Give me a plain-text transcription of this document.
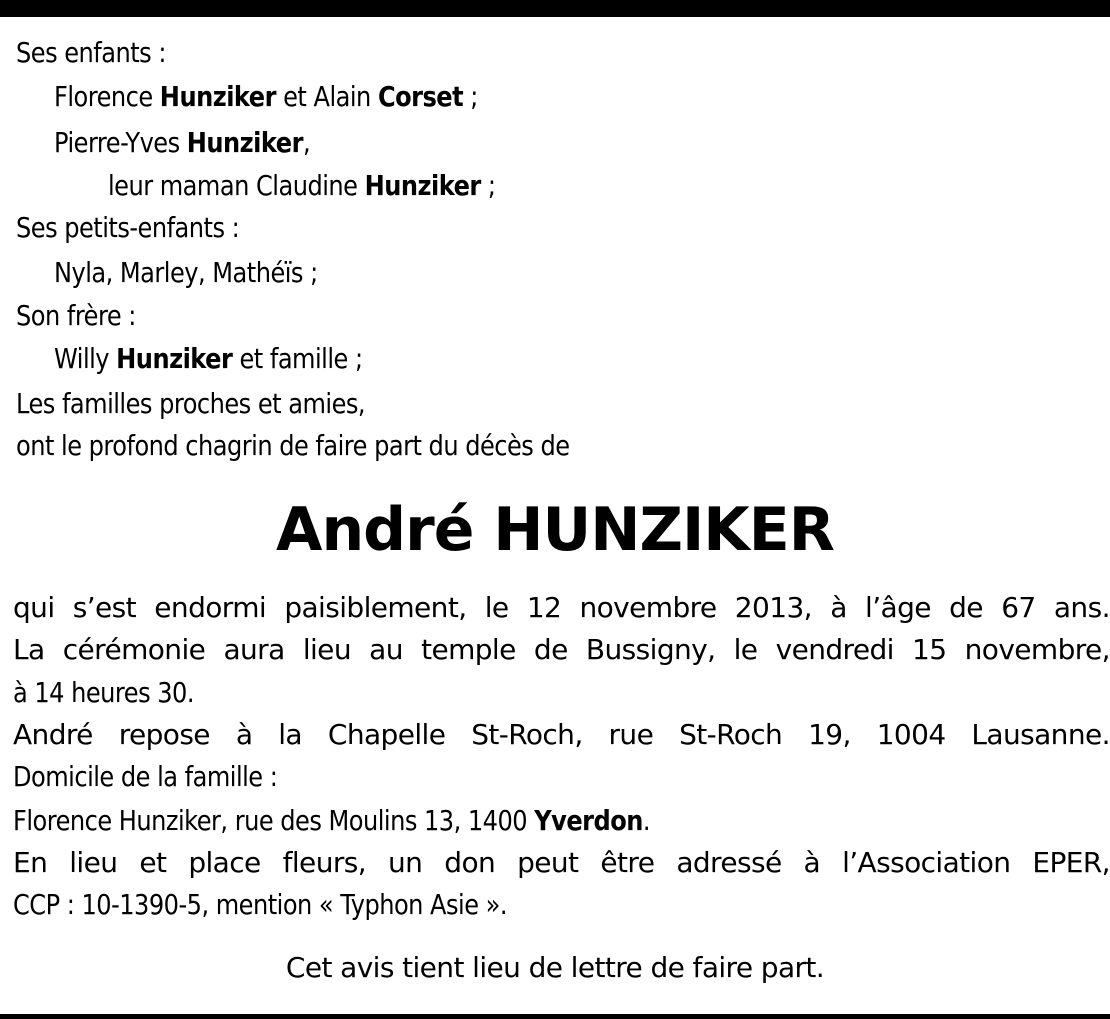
Ses enfants :
Florence Hunziker et Alain Corset ;
Pierre-Yves Hunziker,
leur maman Claudine Hunziker ;
Ses petits-enfants :
Nyla, Marley, Mathéïs ;
Son frère :
Willy Hunziker et famille ;
Les familles proches et amies,
ont le profond chagrin de faire part du décès de
André HUNZIKER
qui s’est endormi paisiblement, le 12 novembre 2013, à l’âge de 67 ans.
La cérémonie aura lieu au temple de Bussigny, le vendredi 15 novembre,
à 14 heures 30.
André repose à la Chapelle St-Roch, rue St-Roch 19, 1004 Lausanne.
Domicile de la famille :
Florence Hunziker, rue des Moulins 13, 1400 Yverdon.
En lieu et place fleurs, un don peut être adressé à l’Association EPER,
CCP : 10-1390-5, mention « Typhon Asie ».
Cet avis tient lieu de lettre de faire part.
